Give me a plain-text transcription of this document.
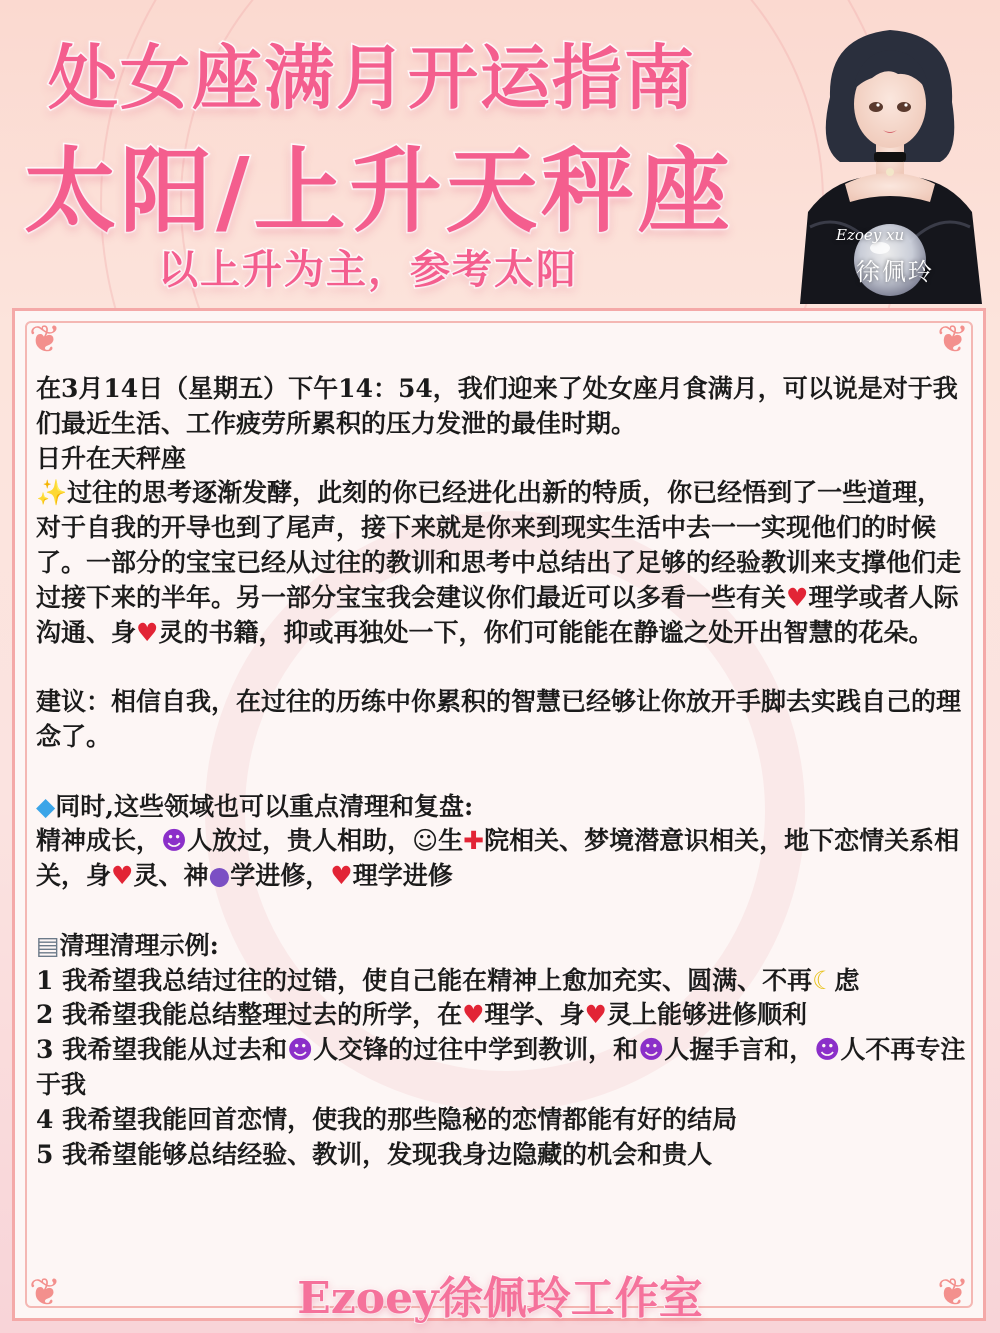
处女座满月开运指南
太阳/上升天秤座
以上升为主，参考太阳
Ezoey xu
徐佩玲
❦	❦
❦	❦

在3月14日（星期五）下午14：54，我们迎来了处女座月食满月，可以说是对于我们最近生活、工作疲劳所累积的压力发泄的最佳时期。

日升在天秤座

✨过往的思考逐渐发酵，此刻的你已经进化出新的特质，你已经悟到了一些道理，对于自我的开导也到了尾声，接下来就是你来到现实生活中去一一实现他们的时候了。一部分的宝宝已经从过往的教训和思考中总结出了足够的经验教训来支撑他们走过接下来的半年。另一部分宝宝我会建议你们最近可以多看一些有关♥理学或者人际沟通、身♥灵的书籍，抑或再独处一下，你们可能能在静谧之处开出智慧的花朵。

建议：相信自我，在过往的历练中你累积的智慧已经够让你放开手脚去实践自己的理念了。

◆同时,这些领域也可以重点清理和复盘:

精神成长，☻人放过，贵人相助，☺生✚院相关、梦境潜意识相关，地下恋情关系相关，身♥灵、神●学进修，♥理学进修

▤清理清理示例:

1 我希望我总结过往的过错，使自己能在精神上愈加充实、圆满、不再☾虑

2 我希望我能总结整理过去的所学，在♥理学、身♥灵上能够进修顺利

3 我希望我能从过去和☻人交锋的过往中学到教训，和☻人握手言和，☻人不再专注于我

4 我希望我能回首恋情，使我的那些隐秘的恋情都能有好的结局

5 我希望能够总结经验、教训，发现我身边隐藏的机会和贵人

Ezoey徐佩玲工作室
